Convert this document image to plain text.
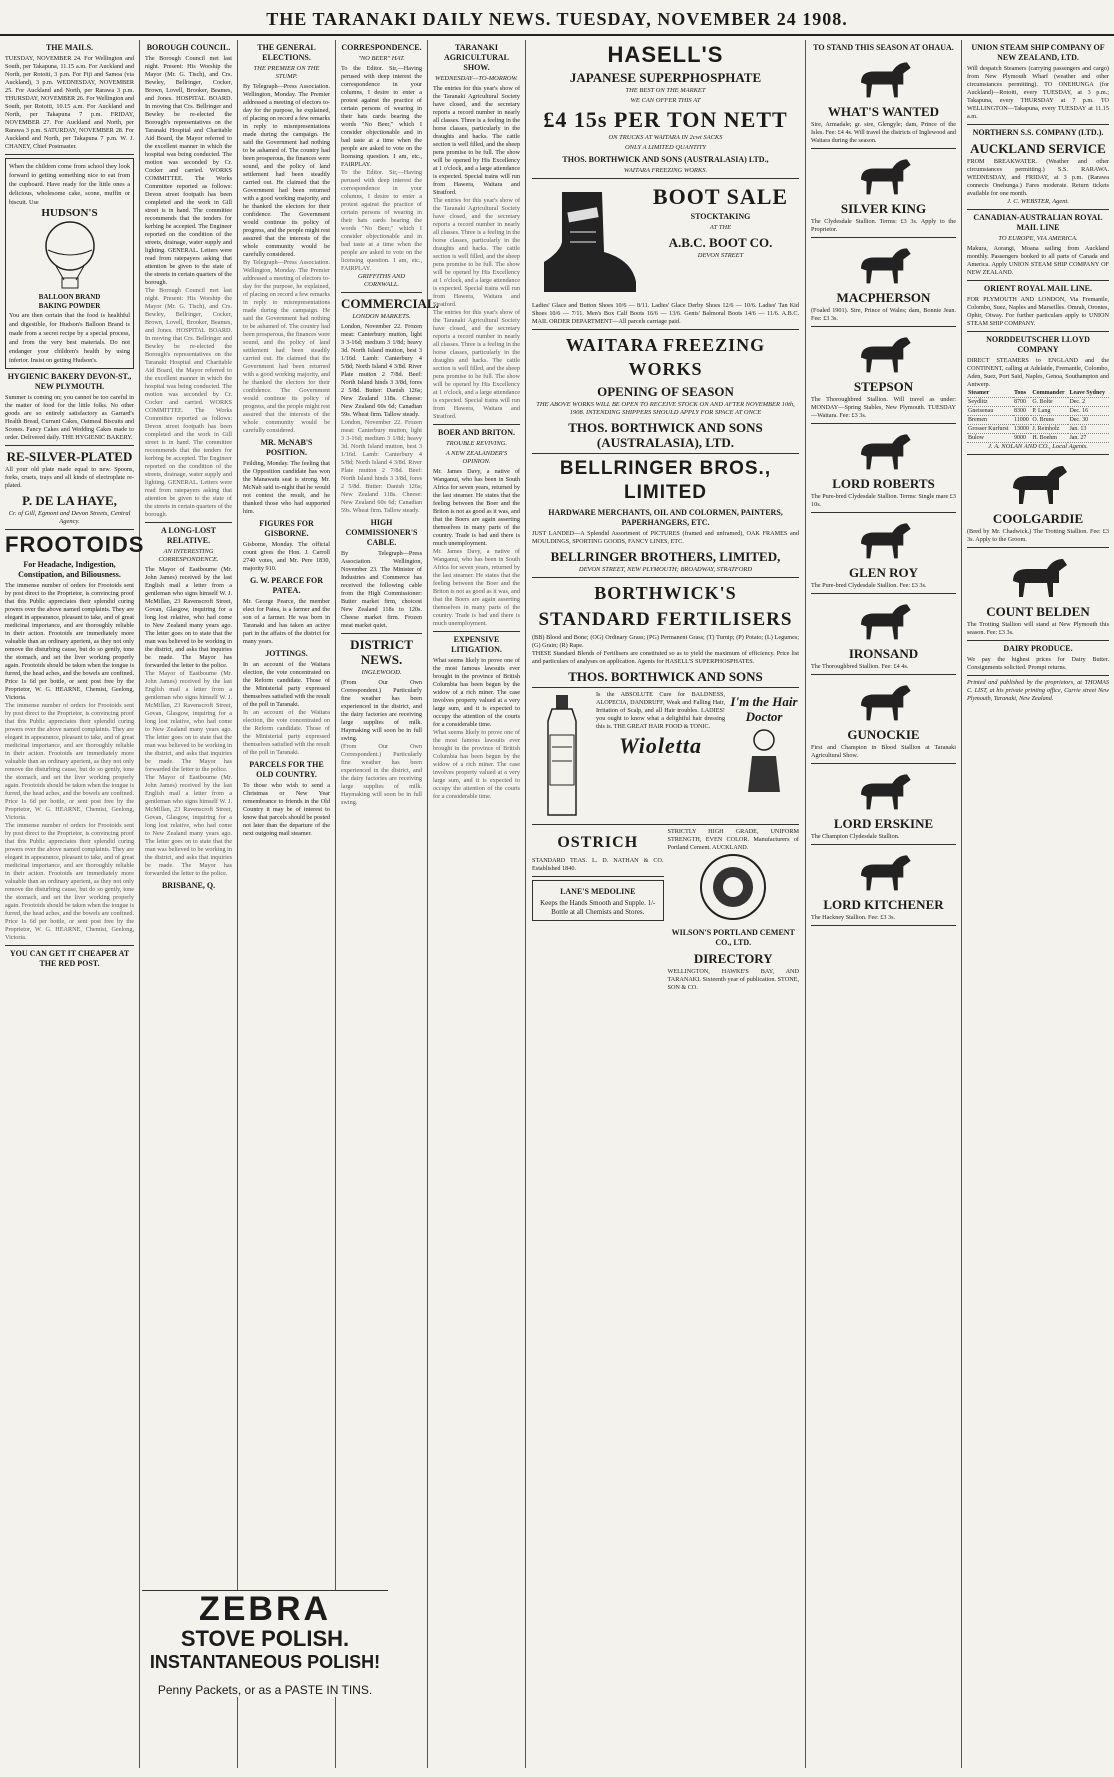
THE TARANAKI DAILY NEWS. TUESDAY, NOVEMBER 24 1908.
THE MAILS.
TUESDAY, NOVEMBER 24. For Wellington and South, per Takapuna, 11.15 a.m. For Auckland and North, per Rotoiti, 3 p.m. For Fiji and Samoa (via Auckland), 3 p.m. WEDNESDAY, NOVEMBER 25. For Auckland and North, per Rarawa 3 p.m. THURSDAY, NOVEMBER 26. For Wellington and South, per Rotoiti, 10.15 a.m. For Auckland and North, per Takapuna 7 p.m. FRIDAY, NOVEMBER 27. For Auckland and North, per Rarawa 3 p.m. SATURDAY, NOVEMBER 28. For Auckland and North, per Takapuna 7 p.m. W. J. CHANEY, Chief Postmaster.
When the children come from school they look forward to getting something nice to eat from the cupboard. Have ready for the little ones a delicious, wholesome cake, scone, muffin or biscuit. Use
HUDSON'S
BALLOON BRAND
BAKING POWDER
You are then certain that the food is healthful and digestible, for Hudson's Balloon Brand is made from a secret recipe by a special process, and from the very best materials. Do not endanger your children's health by using inferior. Insist on getting Hudson's.
HYGIENIC BAKERY DEVON-ST., NEW PLYMOUTH.
Summer is coming on; you cannot be too careful in the matter of food for the little folks. No other goods are so entirely satisfactory as Garrard's Health Bread, Currant Cakes, Oatmeal Biscuits and Scones. Fancy Cakes and Wedding Cakes made to order. Delivered daily. THE HYGIENIC BAKERY.
RE-SILVER-PLATED
All your old plate made equal to new. Spoons, forks, cruets, trays and all kinds of electroplate re-plated.
P. DE LA HAYE,
Cr. of Gill, Egmont and Devon Streets, Central Agency.
FROOTOIDS
For Headache, Indigestion, Constipation, and Biliousness.
The immense number of orders for Frootoids sent by post direct to the Proprietor, is convincing proof that this Public appreciates their splendid curing powers over the above named complaints. They are elegant in appearance, pleasant to take, and of great medicinal importance, and are thoroughly reliable in their action. Frootoids are immediately more valuable than an ordinary aperient, as they not only remove the disturbing cause, but do so gently, tone the stomach, and set the liver working properly again. Frootoids should be taken when the tongue is furred, the head aches, and the bowels are confined. Price 1s 6d per bottle, or sent post free by the Proprietor, W. G. HEARNE, Chemist, Geelong, Victoria.
The immense number of orders for Frootoids sent by post direct to the Proprietor, is convincing proof that this Public appreciates their splendid curing powers over the above named complaints. They are elegant in appearance, pleasant to take, and of great medicinal importance, and are thoroughly reliable in their action. Frootoids are immediately more valuable than an ordinary aperient, as they not only remove the disturbing cause, but do so gently, tone the stomach, and set the liver working properly again. Frootoids should be taken when the tongue is furred, the head aches, and the bowels are confined. Price 1s 6d per bottle, or sent post free by the Proprietor, W. G. HEARNE, Chemist, Geelong, Victoria.
The immense number of orders for Frootoids sent by post direct to the Proprietor, is convincing proof that this Public appreciates their splendid curing powers over the above named complaints. They are elegant in appearance, pleasant to take, and of great medicinal importance, and are thoroughly reliable in their action. Frootoids are immediately more valuable than an ordinary aperient, as they not only remove the disturbing cause, but do so gently, tone the stomach, and set the liver working properly again. Frootoids should be taken when the tongue is furred, the head aches, and the bowels are confined. Price 1s 6d per bottle, or sent post free by the Proprietor, W. G. HEARNE, Chemist, Geelong, Victoria.
YOU CAN GET IT CHEAPER AT THE RED POST.
BOROUGH COUNCIL.
The Borough Council met last night. Present: His Worship the Mayor (Mr. G. Tisch), and Crs. Bewley, Bellringer, Cocker, Brown, Lovell, Brooker, Beames, and Jones. HOSPITAL BOARD. In moving that Crs. Bellringer and Bewley be re-elected the Borough's representatives on the Taranaki Hospital and Charitable Aid Board, the Mayor referred to the excellent manner in which the hospital was being conducted. The motion was seconded by Cr. Cocker and carried. WORKS COMMITTEE. The Works Committee reported as follows: Devon street footpath has been completed and the work in Gill street is in hand. The committee recommends that the tenders for kerbing be accepted. The Engineer reported on the condition of the streets, drainage, water supply and lighting. GENERAL. Letters were read from ratepayers asking that attention be given to the state of the streets in certain quarters of the borough.
The Borough Council met last night. Present: His Worship the Mayor (Mr. G. Tisch), and Crs. Bewley, Bellringer, Cocker, Brown, Lovell, Brooker, Beames, and Jones. HOSPITAL BOARD. In moving that Crs. Bellringer and Bewley be re-elected the Borough's representatives on the Taranaki Hospital and Charitable Aid Board, the Mayor referred to the excellent manner in which the hospital was being conducted. The motion was seconded by Cr. Cocker and carried. WORKS COMMITTEE. The Works Committee reported as follows: Devon street footpath has been completed and the work in Gill street is in hand. The committee recommends that the tenders for kerbing be accepted. The Engineer reported on the condition of the streets, drainage, water supply and lighting. GENERAL. Letters were read from ratepayers asking that attention be given to the state of the streets in certain quarters of the borough.
A LONG-LOST RELATIVE.
AN INTERESTING CORRESPONDENCE.
The Mayor of Eastbourne (Mr. John James) received by the last English mail a letter from a gentleman who signs himself W. J. McMillan, 23 Ravenscroft Street, Govan, Glasgow, inquiring for a long lost relative, who had come to New Zealand many years ago. The letter goes on to state that the man was believed to be working in the district, and asks that inquiries be made. The Mayor has forwarded the letter to the police.
The Mayor of Eastbourne (Mr. John James) received by the last English mail a letter from a gentleman who signs himself W. J. McMillan, 23 Ravenscroft Street, Govan, Glasgow, inquiring for a long lost relative, who had come to New Zealand many years ago. The letter goes on to state that the man was believed to be working in the district, and asks that inquiries be made. The Mayor has forwarded the letter to the police.
The Mayor of Eastbourne (Mr. John James) received by the last English mail a letter from a gentleman who signs himself W. J. McMillan, 23 Ravenscroft Street, Govan, Glasgow, inquiring for a long lost relative, who had come to New Zealand many years ago. The letter goes on to state that the man was believed to be working in the district, and asks that inquiries be made. The Mayor has forwarded the letter to the police.
BRISBANE, Q.
THE GENERAL ELECTIONS.
THE PREMIER ON THE STUMP.
By Telegraph—Press Association. Wellington, Monday. The Premier addressed a meeting of electors to-day for the purpose, he explained, of placing on record a few remarks in reply to misrepresentations made during the campaign. He said the Government had nothing to be ashamed of. The country had been prosperous, the finances were sound, and the policy of land settlement had been steadily carried out. He claimed that the Government had been returned with a good working majority, and he thanked the electors for their confidence. The Government would continue its policy of progress, and the people might rest assured that the interests of the whole community would be carefully considered.
By Telegraph—Press Association. Wellington, Monday. The Premier addressed a meeting of electors to-day for the purpose, he explained, of placing on record a few remarks in reply to misrepresentations made during the campaign. He said the Government had nothing to be ashamed of. The country had been prosperous, the finances were sound, and the policy of land settlement had been steadily carried out. He claimed that the Government had been returned with a good working majority, and he thanked the electors for their confidence. The Government would continue its policy of progress, and the people might rest assured that the interests of the whole community would be carefully considered.
MR. McNAB'S POSITION.
Feilding, Monday. The feeling that the Opposition candidate has won the Manawatu seat is strong. Mr. McNab said to-night that he would not contest the result, and he thanked those who had supported him.
FIGURES FOR GISBORNE.
Gisborne, Monday. The official count gives the Hon. J. Carroll 2740 votes, and Mr. Pere 1830, majority 910.
G. W. PEARCE FOR PATEA.
Mr. George Pearce, the member elect for Patea, is a farmer and the son of a farmer. He was born in Taranaki and has taken an active part in the affairs of the district for many years.
JOTTINGS.
In an account of the Waitara election, the vote concentrated on the Reform candidate. Those of the Ministerial party expressed themselves satisfied with the result of the poll in Taranaki.
In an account of the Waitara election, the vote concentrated on the Reform candidate. Those of the Ministerial party expressed themselves satisfied with the result of the poll in Taranaki.
PARCELS FOR THE OLD COUNTRY.
To those who wish to send a Christmas or New Year remembrance to friends in the Old Country it may be of interest to know that parcels should be posted not later than the departure of the next outgoing mail steamer.
CORRESPONDENCE.
"NO BEER" HAT.
To the Editor. Sir,—Having perused with deep interest the correspondence in your columns, I desire to enter a protest against the practice of certain persons of wearing in their hats cards bearing the words "No Beer," which I consider objectionable and in bad taste at a time when the people are asked to vote on the licensing question. I am, etc., FAIRPLAY.
To the Editor. Sir,—Having perused with deep interest the correspondence in your columns, I desire to enter a protest against the practice of certain persons of wearing in their hats cards bearing the words "No Beer," which I consider objectionable and in bad taste at a time when the people are asked to vote on the licensing question. I am, etc., FAIRPLAY.
GRIFFITHS AND CORNWALL.
COMMERCIAL.
LONDON MARKETS.
London, November 22. Frozen meat: Canterbury mutton, light 3 3-16d; medium 3 1/8d; heavy 3d. North Island mutton, best 3 1/16d. Lamb: Canterbury 4 5/8d; North Island 4 3/8d. River Plate mutton 2 7/8d. Beef: North Island hinds 3 3/8d, fores 2 5/8d. Butter: Danish 126s; New Zealand 118s. Cheese: New Zealand 60s 6d; Canadian 59s. Wheat firm. Tallow steady.
London, November 22. Frozen meat: Canterbury mutton, light 3 3-16d; medium 3 1/8d; heavy 3d. North Island mutton, best 3 1/16d. Lamb: Canterbury 4 5/8d; North Island 4 3/8d. River Plate mutton 2 7/8d. Beef: North Island hinds 3 3/8d, fores 2 5/8d. Butter: Danish 126s; New Zealand 118s. Cheese: New Zealand 60s 6d; Canadian 59s. Wheat firm. Tallow steady.
HIGH COMMISSIONER'S CABLE.
By Telegraph—Press Association. Wellington, November 23. The Minister of Industries and Commerce has received the following cable from the High Commissioner: Butter market firm, choicest New Zealand 118s to 120s. Cheese market firm. Frozen meat market quiet.
DISTRICT NEWS.
INGLEWOOD.
(From Our Own Correspondent.) Particularly fine weather has been experienced in the district, and the dairy factories are receiving large supplies of milk. Haymaking will soon be in full swing.
(From Our Own Correspondent.) Particularly fine weather has been experienced in the district, and the dairy factories are receiving large supplies of milk. Haymaking will soon be in full swing.
TARANAKI AGRICULTURAL SHOW.
WEDNESDAY—TO-MORROW.
The entries for this year's show of the Taranaki Agricultural Society have closed, and the secretary reports a record number in nearly all classes. Three is a feeling in the horse classes, particularly in the draughts and hacks. The cattle section is well filled, and the sheep pens promise to be full. The show will be opened by His Excellency at 1 o'clock, and a large attendance is expected. Special trains will run from Hawera, Waitara and Stratford.
The entries for this year's show of the Taranaki Agricultural Society have closed, and the secretary reports a record number in nearly all classes. Three is a feeling in the horse classes, particularly in the draughts and hacks. The cattle section is well filled, and the sheep pens promise to be full. The show will be opened by His Excellency at 1 o'clock, and a large attendance is expected. Special trains will run from Hawera, Waitara and Stratford.
The entries for this year's show of the Taranaki Agricultural Society have closed, and the secretary reports a record number in nearly all classes. Three is a feeling in the horse classes, particularly in the draughts and hacks. The cattle section is well filled, and the sheep pens promise to be full. The show will be opened by His Excellency at 1 o'clock, and a large attendance is expected. Special trains will run from Hawera, Waitara and Stratford.
BOER AND BRITON.
TROUBLE REVIVING.
A NEW ZEALANDER'S OPINION.
Mr. James Davy, a native of Wanganui, who has been in South Africa for seven years, returned by the last steamer. He states that the feeling between the Boer and the Briton is not as good as it was, and that the Boers are again asserting themselves in many parts of the country. Trade is bad and there is much unemployment.
Mr. James Davy, a native of Wanganui, who has been in South Africa for seven years, returned by the last steamer. He states that the feeling between the Boer and the Briton is not as good as it was, and that the Boers are again asserting themselves in many parts of the country. Trade is bad and there is much unemployment.
EXPENSIVE LITIGATION.
What seems likely to prove one of the most famous lawsuits ever brought in the province of British Columbia has been begun by the widow of a rich miner. The case involves property valued at a very large sum, and it is expected to occupy the attention of the courts for a considerable time.
What seems likely to prove one of the most famous lawsuits ever brought in the province of British Columbia has been begun by the widow of a rich miner. The case involves property valued at a very large sum, and it is expected to occupy the attention of the courts for a considerable time.
HASELL'S
JAPANESE SUPERPHOSPHATE
THE BEST ON THE MARKET
WE CAN OFFER THIS AT
£4 15s PER TON NETT
ON TRUCKS AT WAITARA IN 2cwt SACKS
ONLY A LIMITED QUANTITY
THOS. BORTHWICK AND SONS (AUSTRALASIA) LTD.,
WAITARA FREEZING WORKS.
BOOT SALE
STOCKTAKING
AT THE
A.B.C. BOOT CO.
DEVON STREET
Ladies' Glace and Button Shoes 10/6 — 8/11. Ladies' Glace Derby Shoes 12/6 — 10/6. Ladies' Tan Kid Shoes 10/6 — 7/11. Men's Box Calf Boots 16/6 — 13/6. Gents' Balmoral Boots 14/6 — 11/6. A.B.C. MAIL ORDER DEPARTMENT—All parcels carriage paid.
WAITARA FREEZING WORKS
OPENING OF SEASON
THE ABOVE WORKS WILL BE OPEN TO RECEIVE STOCK ON AND AFTER NOVEMBER 10th, 1908. INTENDING SHIPPERS SHOULD APPLY FOR SPACE AT ONCE
THOS. BORTHWICK AND SONS (AUSTRALASIA), LTD.
BELLRINGER BROS., LIMITED
HARDWARE MERCHANTS, OIL AND COLORMEN, PAINTERS, PAPERHANGERS, ETC.
JUST LANDED—A Splendid Assortment of PICTURES (framed and unframed), OAK FRAMES and MOULDINGS, SPORTING GOODS, FANCY LINES, ETC.
BELLRINGER BROTHERS, LIMITED,
DEVON STREET, NEW PLYMOUTH; BROADWAY, STRATFORD
BORTHWICK'S
STANDARD FERTILISERS
(BB) Blood and Bone; (OG) Ordinary Grass; (PG) Permanent Grass; (T) Turnip; (P) Potato; (L) Legumes; (G) Grain; (R) Rape.
THESE Standard Blends of Fertilisers are constituted so as to yield the maximum of efficiency. Price list and particulars of analyses on application. Agents for HASELL'S SUPERPHOSPHATES.
THOS. BORTHWICK AND SONS
Is the ABSOLUTE Cure for BALDNESS, ALOPECIA, DANDRUFF, Weak and Falling Hair, Irritation of Scalp, and all Hair troubles. LADIES! you ought to know what a delightful hair dressing this is. THE GREAT HAIR FOOD & TONIC.
Wioletta
I'm the Hair Doctor
OSTRICH
STANDARD TEAS. L. D. NATHAN & CO. Established 1840.
LANE'S MEDOLINE
Keeps the Hands Smooth and Supple. 1/- Bottle at all Chemists and Stores.
STRICTLY HIGH GRADE, UNIFORM STRENGTH, EVEN COLOR. Manufacturers of Portland Cement. AUCKLAND.
WILSON'S PORTLAND CEMENT CO., LTD.
DIRECTORY
WELLINGTON, HAWKE'S BAY, AND TARANAKI. Sixteenth year of publication. STONE, SON & CO.
TO STAND THIS SEASON AT OHAUA.
WHAT'S WANTED
Sire, Armadale; gr. sire, Glengyle; dam, Prince of the Isles. Fee: £4 4s. Will travel the districts of Inglewood and Waitara during the season.
SILVER KING
The Clydesdale Stallion. Terms: £3 3s. Apply to the Proprietor.
MACPHERSON
(Foaled 1901). Sire, Prince of Wales; dam, Bonnie Jean. Fee: £3 3s.
STEPSON
The Thoroughbred Stallion. Will travel as under: MONDAY—Spring Stables, New Plymouth. TUESDAY—Waitara. Fee: £3 3s.
LORD ROBERTS
The Pure-bred Clydesdale Stallion. Terms: Single mare £3 10s.
GLEN ROY
The Pure-bred Clydesdale Stallion. Fee: £3 3s.
IRONSAND
The Thoroughbred Stallion. Fee: £4 4s.
GUNOCKIE
First and Champion in Blood Stallion at Taranaki Agricultural Show.
LORD ERSKINE
The Champion Clydesdale Stallion.
LORD KITCHENER
The Hackney Stallion. Fee: £3 3s.
UNION STEAM SHIP COMPANY OF NEW ZEALAND, LTD.
Will despatch Steamers (carrying passengers and cargo) from New Plymouth Wharf (weather and other circumstances permitting). TO ONEHUNGA (for Auckland)—Rotoiti, every TUESDAY, at 3 p.m.; Takapuna, every THURSDAY at 7 p.m. TO WELLINGTON—Takapuna, every TUESDAY at 11.15 a.m.
NORTHERN S.S. COMPANY (LTD.).
AUCKLAND SERVICE
FROM BREAKWATER. (Weather and other circumstances permitting.) S.S. RARAWA. WEDNESDAY, and FRIDAY, at 3 p.m. (Rarawa connects Onehunga.) Fares moderate. Return tickets available for one month.
J. C. WEBSTER, Agent.
CANADIAN-AUSTRALIAN ROYAL MAIL LINE
TO EUROPE, VIA AMERICA.
Makura, Aorangi, Moana sailing from Auckland monthly. Passengers booked to all parts of Canada and America. Apply UNION STEAM SHIP COMPANY OF NEW ZEALAND.
ORIENT ROYAL MAIL LINE.
FOR PLYMOUTH AND LONDON, Via Fremantle, Colombo, Suez, Naples and Marseilles. Omrah, Orontes, Ophir, Otway. For further particulars apply to UNION STEAM SHIP COMPANY.
NORDDEUTSCHER LLOYD COMPANY
DIRECT STEAMERS to ENGLAND and the CONTINENT, calling at Adelaide, Fremantle, Colombo, Aden, Suez, Port Said, Naples, Genoa, Southampton and Antwerp.
Steamer	Tons	Commander	Leave Sydney
Seydlitz	8700	G. Bolte	Dec. 2
Gneisenau	8300	P. Lang	Dec. 16
Bremen	11000	O. Bruns	Dec. 30
Grosser Kurfurst	13000	J. Reinholz	Jan. 13
Bulow	9000	H. Boehm	Jan. 27
J. A. NOLAN AND CO., Local Agents.
COOLGARDIE
(Bred by Mr. Chadwick.) The Trotting Stallion. Fee: £3 3s. Apply to the Groom.
COUNT BELDEN
The Trotting Stallion will stand at New Plymouth this season. Fee: £3 3s.
DAIRY PRODUCE.
We pay the highest prices for Dairy Butter. Consignments solicited. Prompt returns.
Printed and published by the proprietors, at THOMAS C. LIST, at his private printing office, Currie street New Plymouth, Taranaki, New Zealand.
ZEBRA
STOVE POLISH.
INSTANTANEOUS POLISH!
Penny Packets, or as a PASTE IN TINS.
